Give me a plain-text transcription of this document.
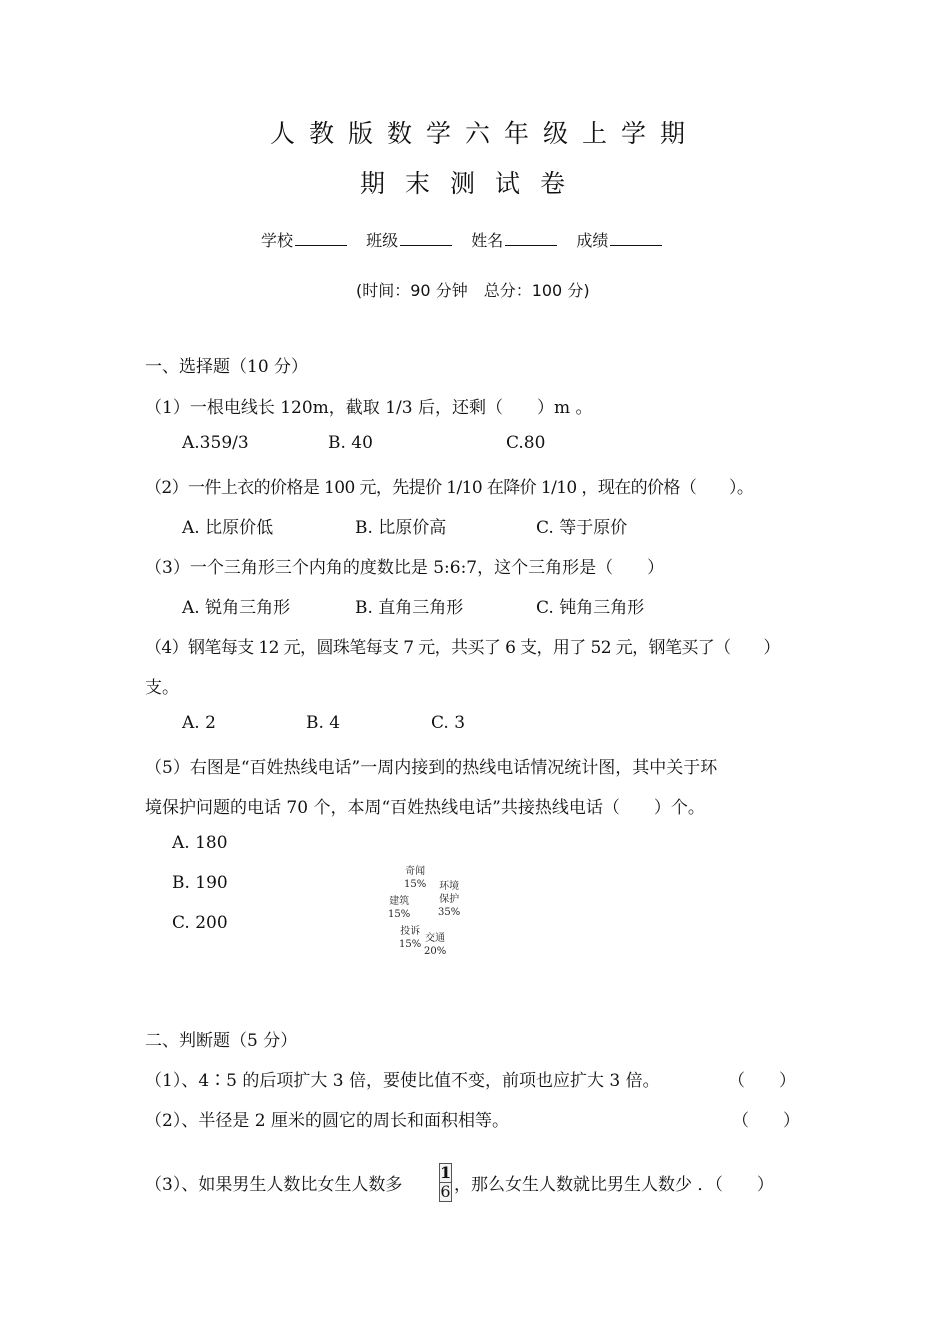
人教版数学六年级上学期
期末测试卷
学校	班级	姓名	成绩
(时间：90 分钟　总分：100 分)
一、选择题（10 分）
（1）一根电线长 120m，截取 1/3 后，还剩（　　）m 。
A.359/3	B. 40	C.80
（2）一件上衣的价格是 100 元，先提价 1/10 在降价 1/10 ，现在的价格（　　）。
A. 比原价低	B. 比原价高	C. 等于原价
（3）一个三角形三个内角的度数比是 5:6:7，这个三角形是（　　）
A. 锐角三角形	B. 直角三角形	C. 钝角三角形
（4）钢笔每支 12 元，圆珠笔每支 7 元，共买了 6 支，用了 52 元，钢笔买了（　　）
支。
A. 2	B. 4	C. 3
（5）右图是“百姓热线电话”一周内接到的热线电话情况统计图，其中关于环
境保护问题的电话 70 个，本周“百姓热线电话”共接热线电话（　　）个。
A. 180
B. 190
C. 200
奇闻
15% 环境
保护
35%
建筑
15%
投诉
15%
交通
20%
二、判断题（5 分）
（1）、4∶5 的后项扩大 3 倍，要使比值不变，前项也应扩大 3 倍。	（　　）
（2）、半径是 2 厘米的圆它的周长和面积相等。	（　　）
（3）、如果男生人数比女生人数多 $\frac{1}{6}$ ，那么女生人数就比男生人数少 ．（　　）
